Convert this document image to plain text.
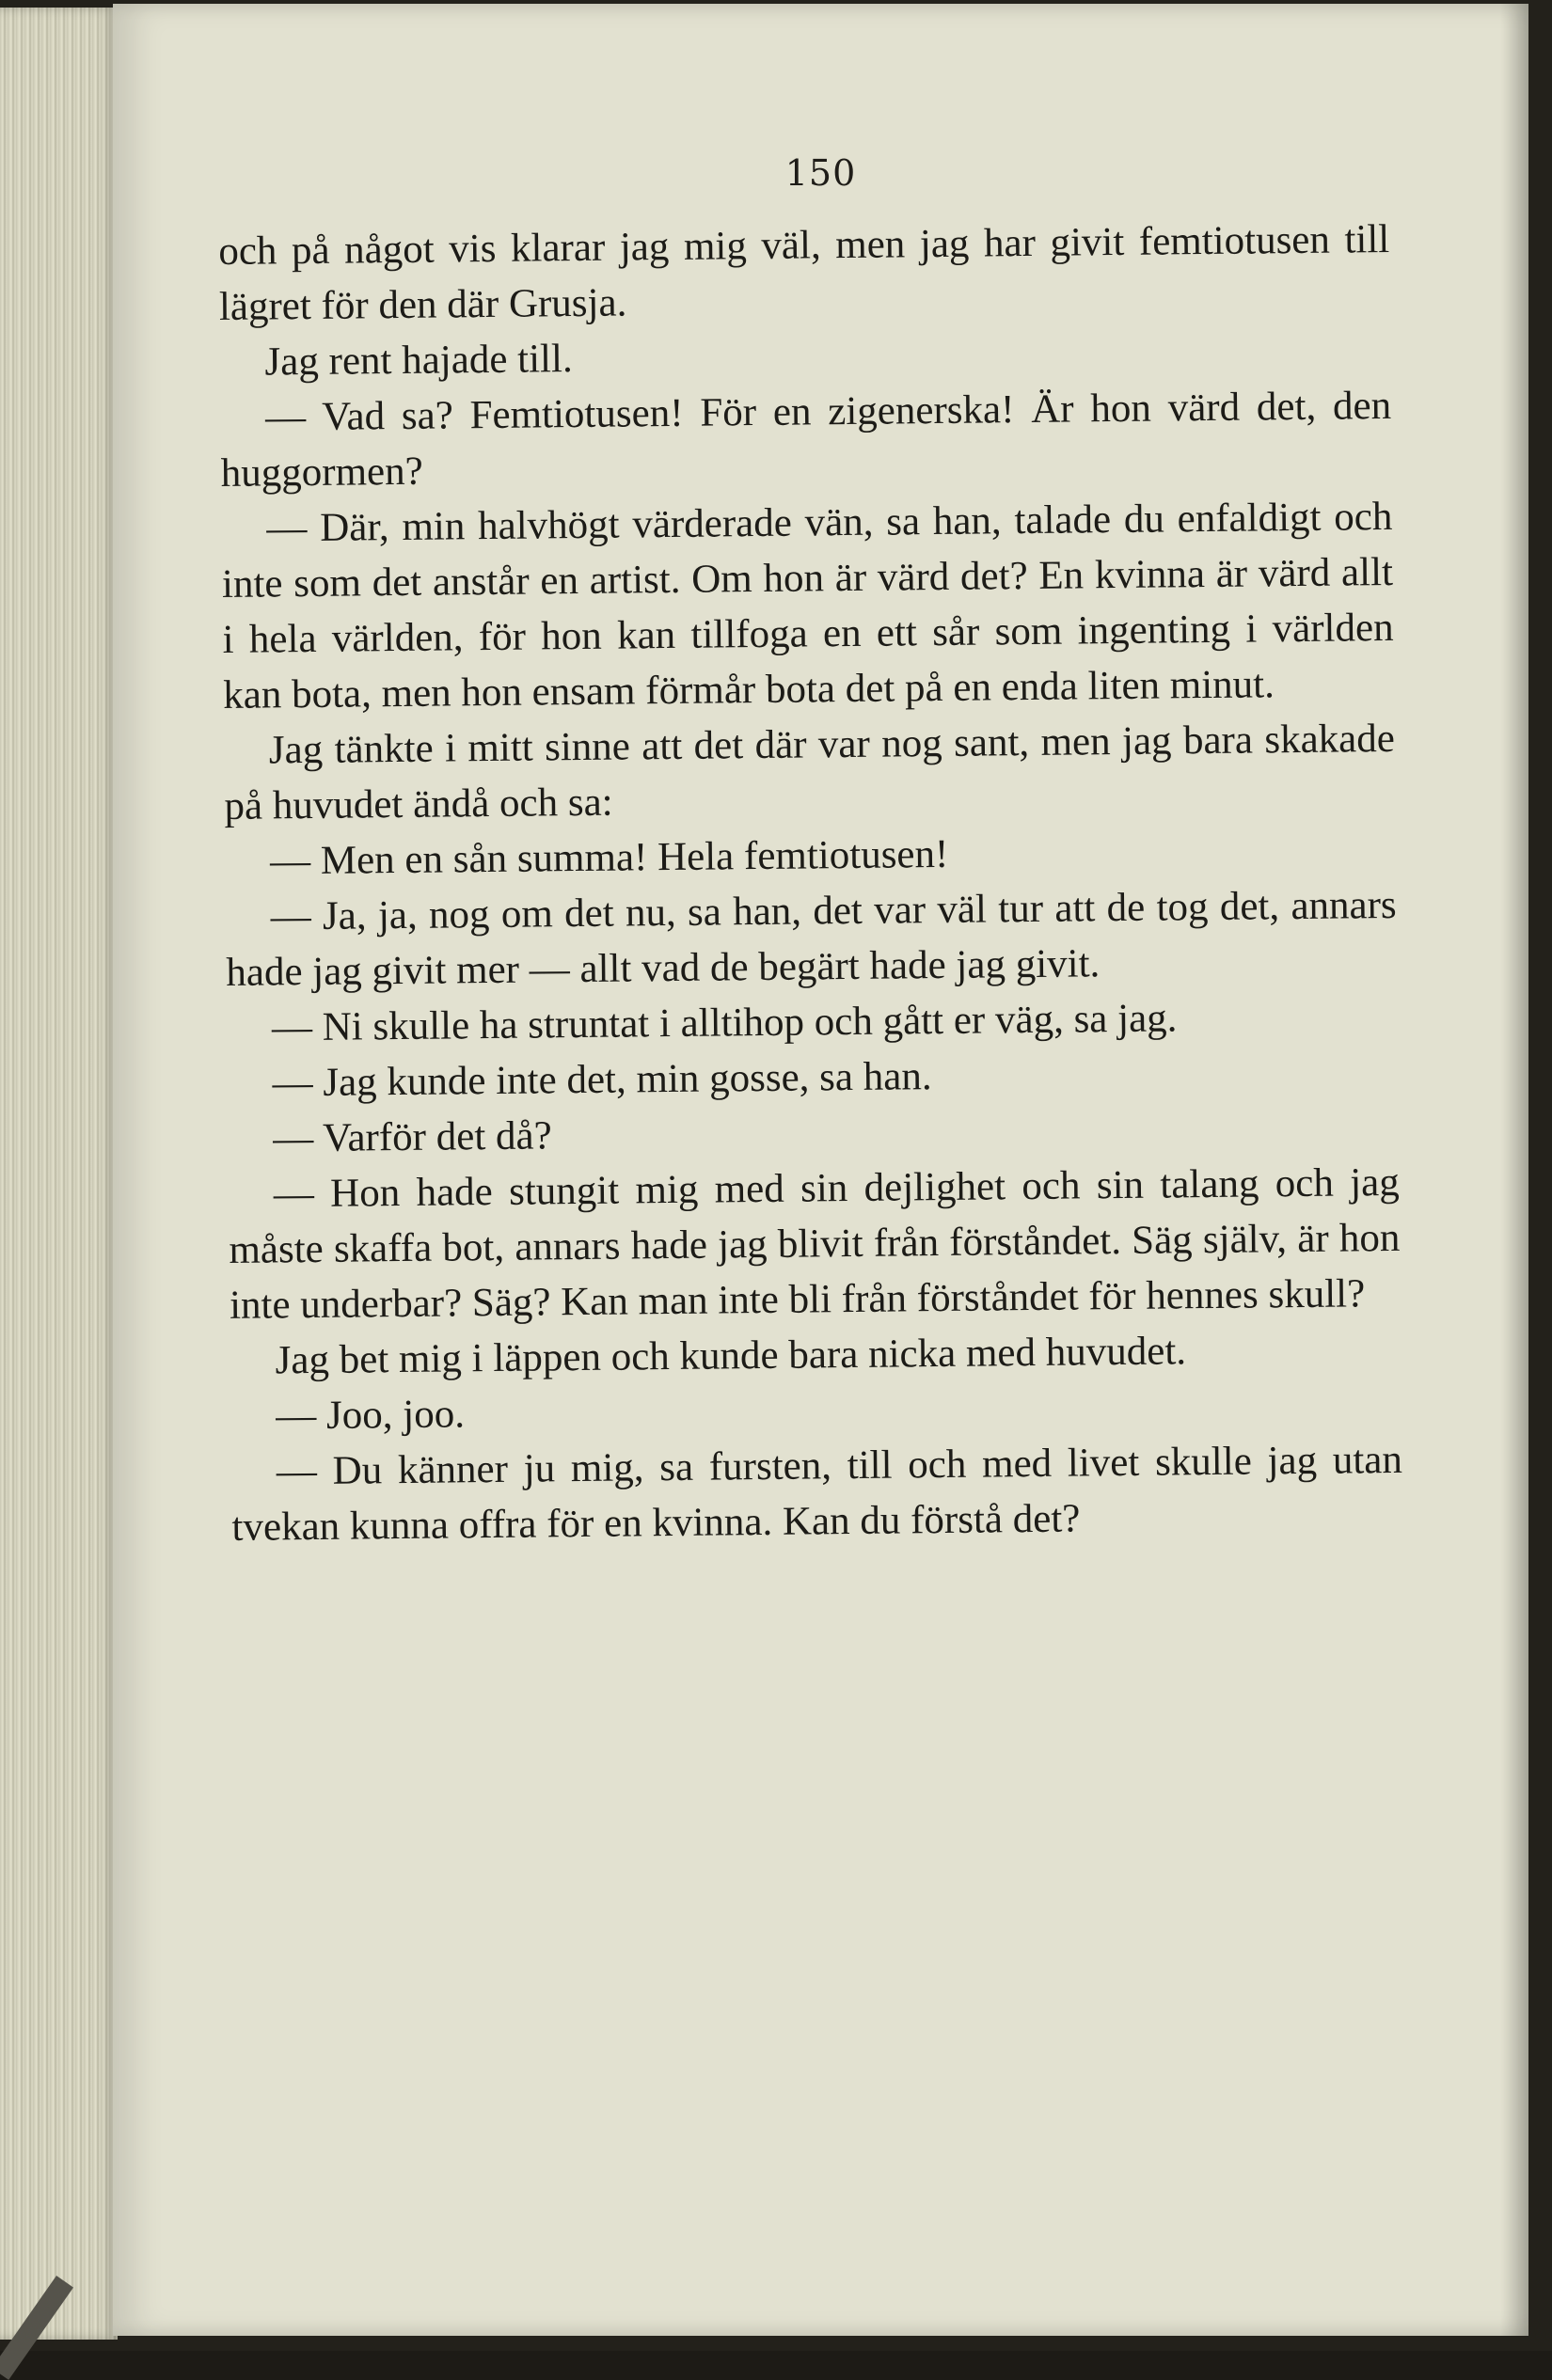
150

och på något vis klarar jag mig väl, men jag har givit femtiotusen till lägret för den där Grusja.

Jag rent hajade till.

— Vad sa? Femtiotusen! För en zigenerska! Är hon värd det, den huggormen?

— Där, min halvhögt värderade vän, sa han, talade du enfaldigt och inte som det anstår en artist. Om hon är värd det? En kvinna är värd allt i hela världen, för hon kan tillfoga en ett sår som ingenting i världen kan bota, men hon ensam förmår bota det på en enda liten minut.

Jag tänkte i mitt sinne att det där var nog sant, men jag bara skakade på huvudet ändå och sa:

— Men en sån summa! Hela femtiotusen!

— Ja, ja, nog om det nu, sa han, det var väl tur att de tog det, annars hade jag givit mer — allt vad de begärt hade jag givit.

— Ni skulle ha struntat i alltihop och gått er väg, sa jag.

— Jag kunde inte det, min gosse, sa han.

— Varför det då?

— Hon hade stungit mig med sin dejlighet och sin talang och jag måste skaffa bot, annars hade jag blivit från förståndet. Säg själv, är hon inte underbar? Säg? Kan man inte bli från förståndet för hennes skull?

Jag bet mig i läppen och kunde bara nicka med huvudet.

— Joo, joo.

— Du känner ju mig, sa fursten, till och med livet skulle jag utan tvekan kunna offra för en kvinna. Kan du förstå det?
